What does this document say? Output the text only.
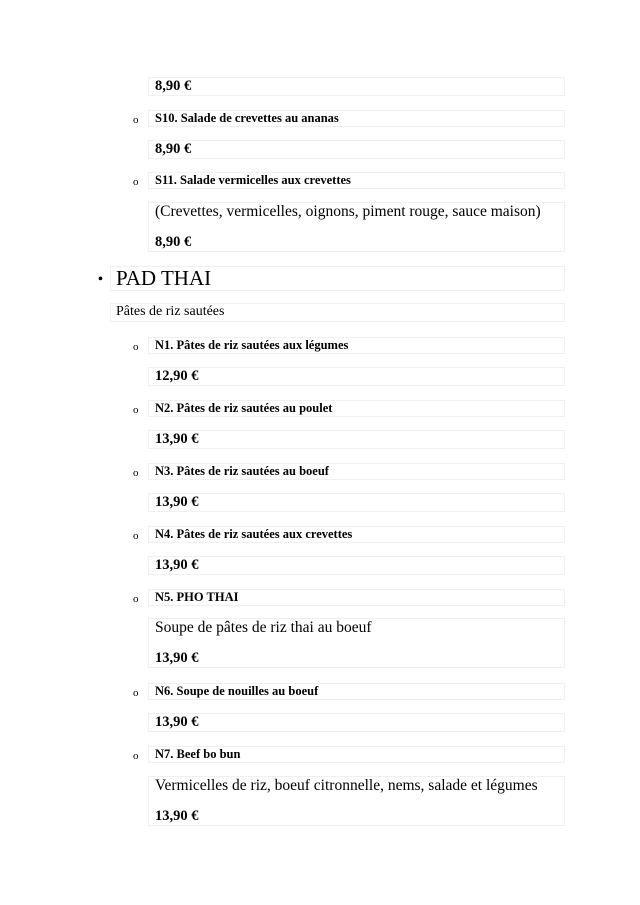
8,90 €
o S10. Salade de crevettes au ananas
8,90 €
o S11. Salade vermicelles aux crevettes
(Crevettes, vermicelles, oignons, piment rouge, sauce maison)
8,90 €
• PAD THAI
Pâtes de riz sautées
o N1. Pâtes de riz sautées aux légumes
12,90 €
o N2. Pâtes de riz sautées au poulet
13,90 €
o N3. Pâtes de riz sautées au boeuf
13,90 €
o N4. Pâtes de riz sautées aux crevettes
13,90 €
o N5. PHO THAI
Soupe de pâtes de riz thai au boeuf
13,90 €
o N6. Soupe de nouilles au boeuf
13,90 €
o N7. Beef bo bun
Vermicelles de riz, boeuf citronnelle, nems, salade et légumes
13,90 €
